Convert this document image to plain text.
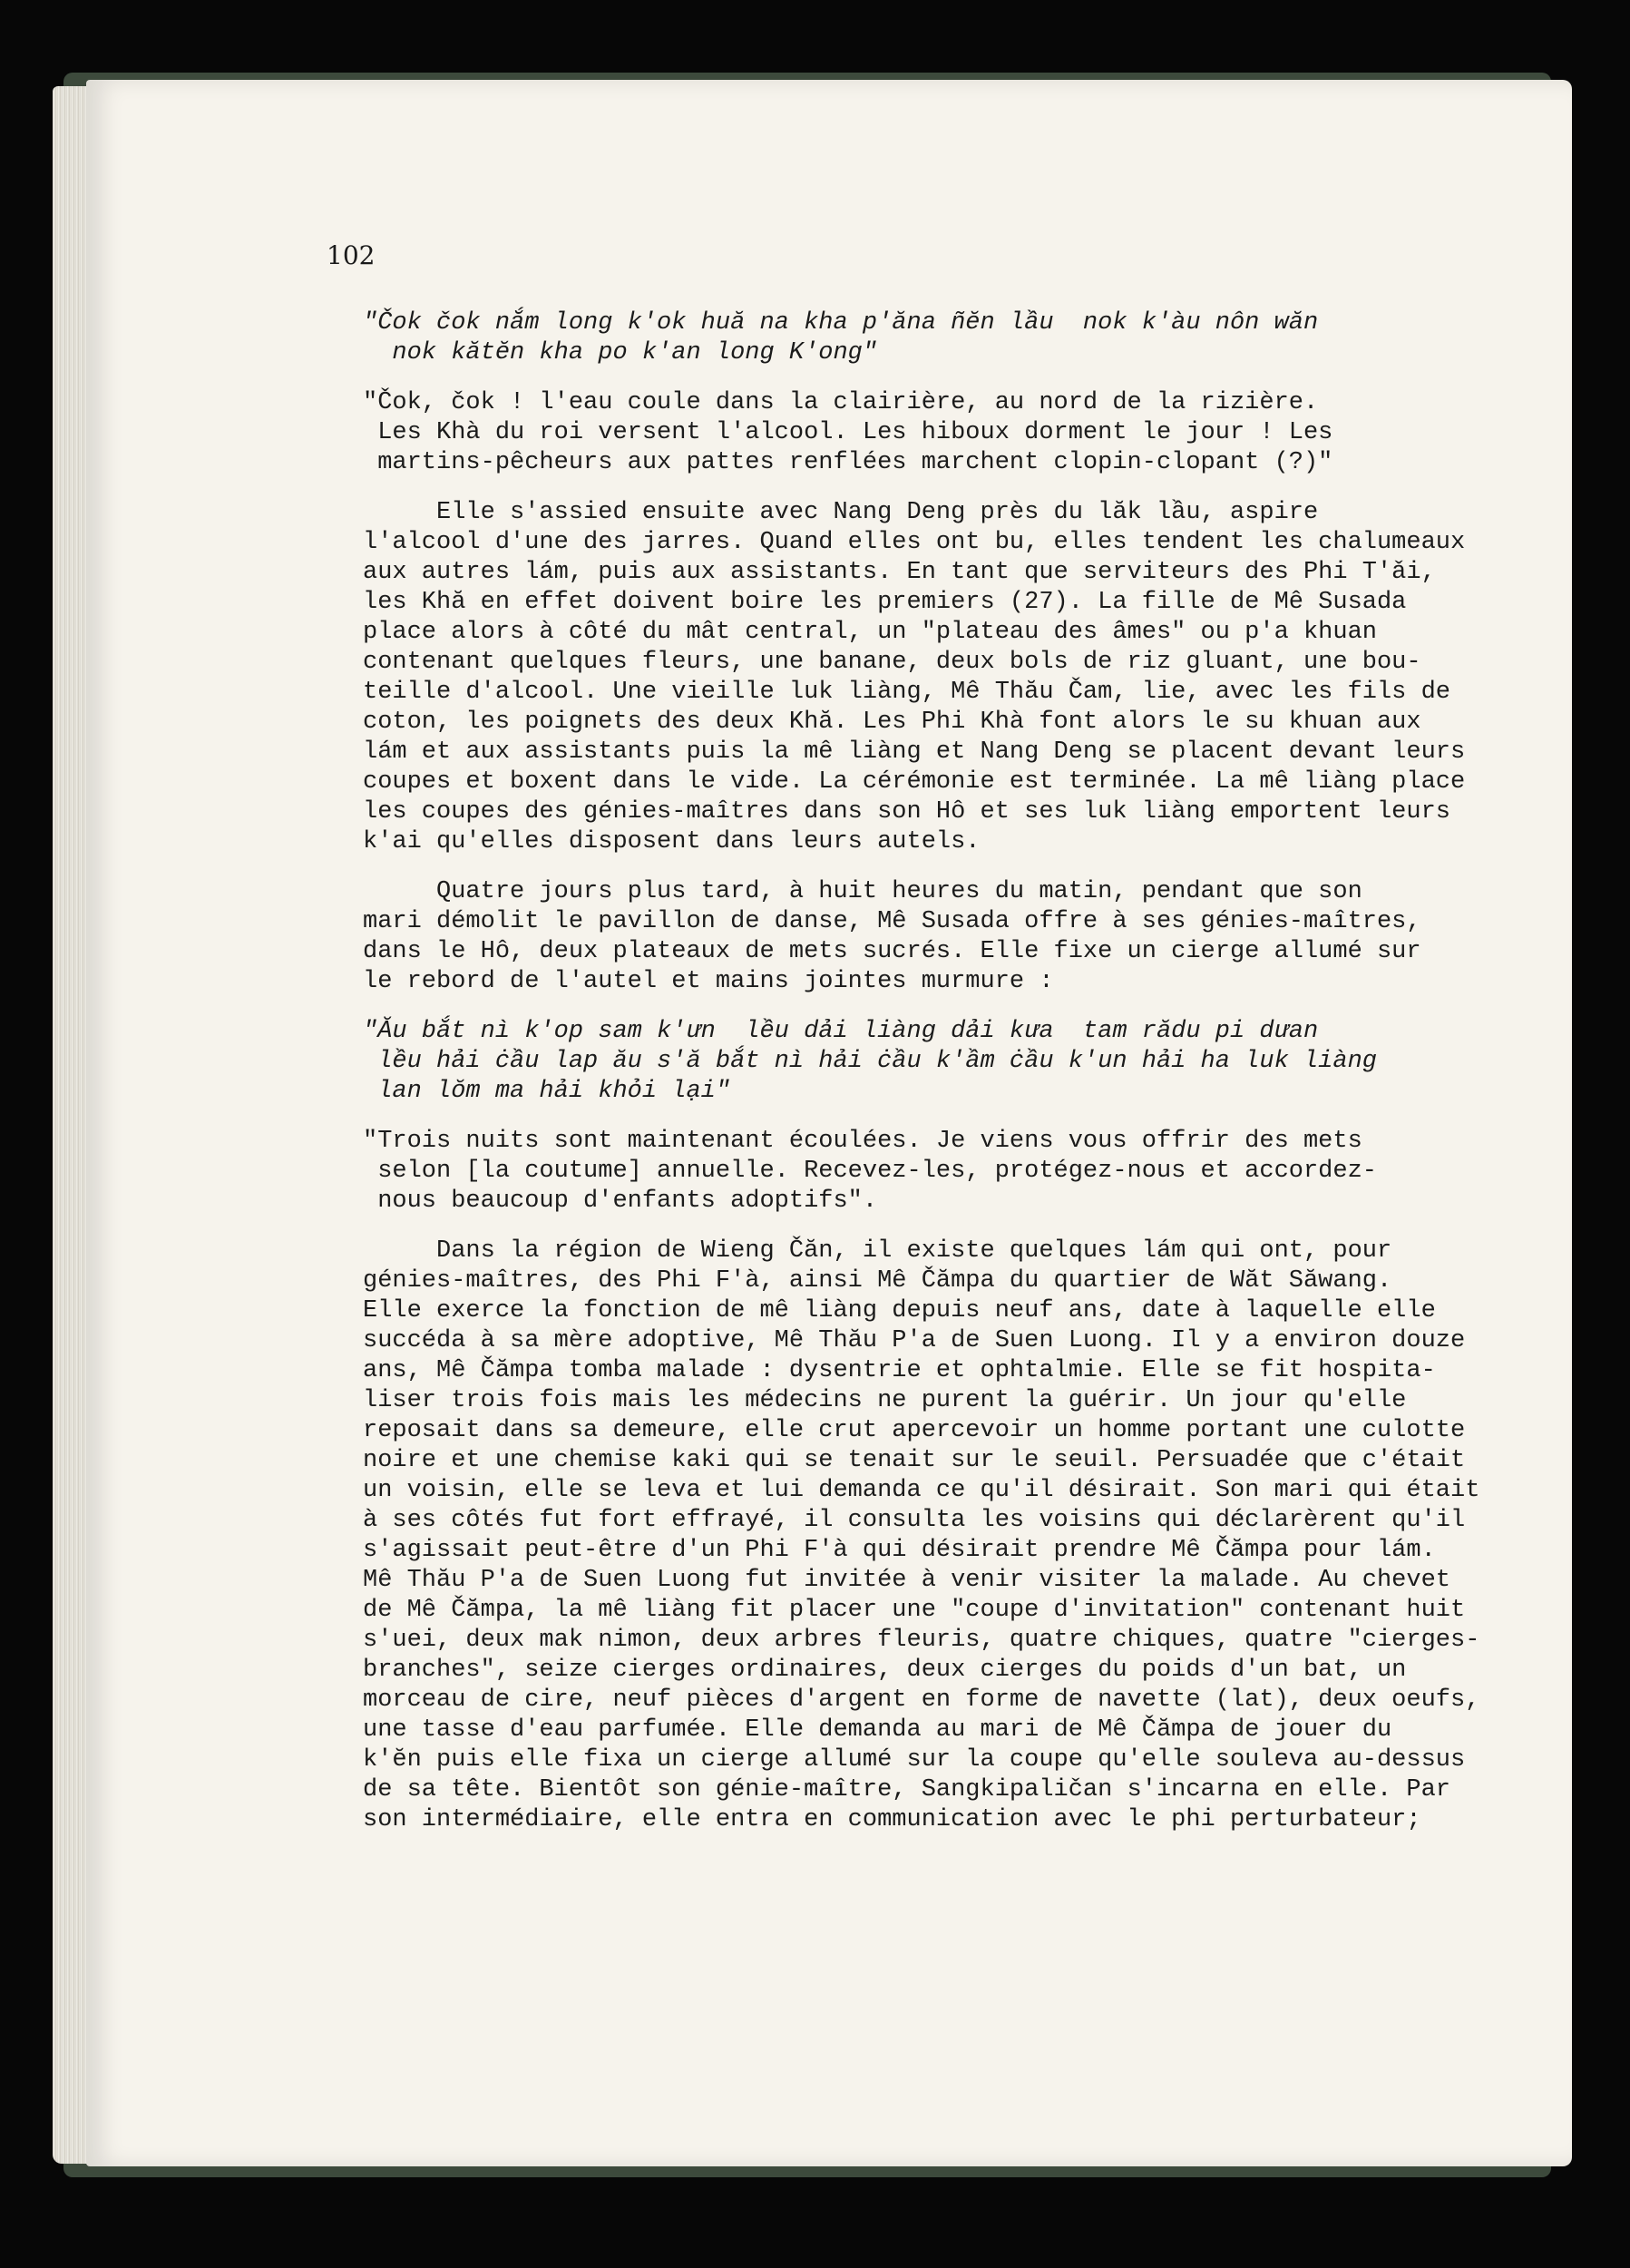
102
"Čok čok nắm long k'ok huă na kha p'ăna ñĕn lầu  nok k'àu nôn wăn
nok kătĕn kha po k'an long K'ong"
"Čok, čok ! l'eau coule dans la clairière, au nord de la rizière.
Les Khà du roi versent l'alcool. Les hiboux dorment le jour ! Les
martins-pêcheurs aux pattes renflées marchent clopin-clopant (?)"
Elle s'assied ensuite avec Nang Deng près du lăk lầu, aspire
l'alcool d'une des jarres. Quand elles ont bu, elles tendent les chalumeaux
aux autres lám, puis aux assistants. En tant que serviteurs des Phi T'ǎi,
les Khă en effet doivent boire les premiers (27). La fille de Mê Susada
place alors à côté du mât central, un "plateau des âmes" ou p'a khuan
contenant quelques fleurs, une banane, deux bols de riz gluant, une bou-
teille d'alcool. Une vieille luk liàng, Mê Thău Čam, lie, avec les fils de
coton, les poignets des deux Khă. Les Phi Khà font alors le su khuan aux
lám et aux assistants puis la mê liàng et Nang Deng se placent devant leurs
coupes et boxent dans le vide. La cérémonie est terminée. La mê liàng place
les coupes des génies-maîtres dans son Hô et ses luk liàng emportent leurs
k'ai qu'elles disposent dans leurs autels.
Quatre jours plus tard, à huit heures du matin, pendant que son
mari démolit le pavillon de danse, Mê Susada offre à ses génies-maîtres,
dans le Hô, deux plateaux de mets sucrés. Elle fixe un cierge allumé sur
le rebord de l'autel et mains jointes murmure :
"Ău bắt nì k'op sam k'ưn  lều dải liàng dải kưa  tam rădu pi dưan
lều hải ċầu lap ău s'ă bắt nì hải ċầu k'ầm ċầu k'un hải ha luk liàng
lan lŏm ma hải khỏi lại"
"Trois nuits sont maintenant écoulées. Je viens vous offrir des mets
selon [la coutume] annuelle. Recevez-les, protégez-nous et accordez-
nous beaucoup d'enfants adoptifs".
Dans la région de Wieng Čăn, il existe quelques lám qui ont, pour
génies-maîtres, des Phi F'à, ainsi Mê Čămpa du quartier de Wăt Săwang.
Elle exerce la fonction de mê liàng depuis neuf ans, date à laquelle elle
succéda à sa mère adoptive, Mê Thău P'a de Suen Luong. Il y a environ douze
ans, Mê Čămpa tomba malade : dysentrie et ophtalmie. Elle se fit hospita-
liser trois fois mais les médecins ne purent la guérir. Un jour qu'elle
reposait dans sa demeure, elle crut apercevoir un homme portant une culotte
noire et une chemise kaki qui se tenait sur le seuil. Persuadée que c'était
un voisin, elle se leva et lui demanda ce qu'il désirait. Son mari qui était
à ses côtés fut fort effrayé, il consulta les voisins qui déclarèrent qu'il
s'agissait peut-être d'un Phi F'à qui désirait prendre Mê Čămpa pour lám.
Mê Thău P'a de Suen Luong fut invitée à venir visiter la malade. Au chevet
de Mê Čămpa, la mê liàng fit placer une "coupe d'invitation" contenant huit
s'uei, deux mak nimon, deux arbres fleuris, quatre chiques, quatre "cierges-
branches", seize cierges ordinaires, deux cierges du poids d'un bat, un
morceau de cire, neuf pièces d'argent en forme de navette (lat), deux oeufs,
une tasse d'eau parfumée. Elle demanda au mari de Mê Čămpa de jouer du
k'ĕn puis elle fixa un cierge allumé sur la coupe qu'elle souleva au-dessus
de sa tête. Bientôt son génie-maître, Sangkipaličan s'incarna en elle. Par
son intermédiaire, elle entra en communication avec le phi perturbateur;
